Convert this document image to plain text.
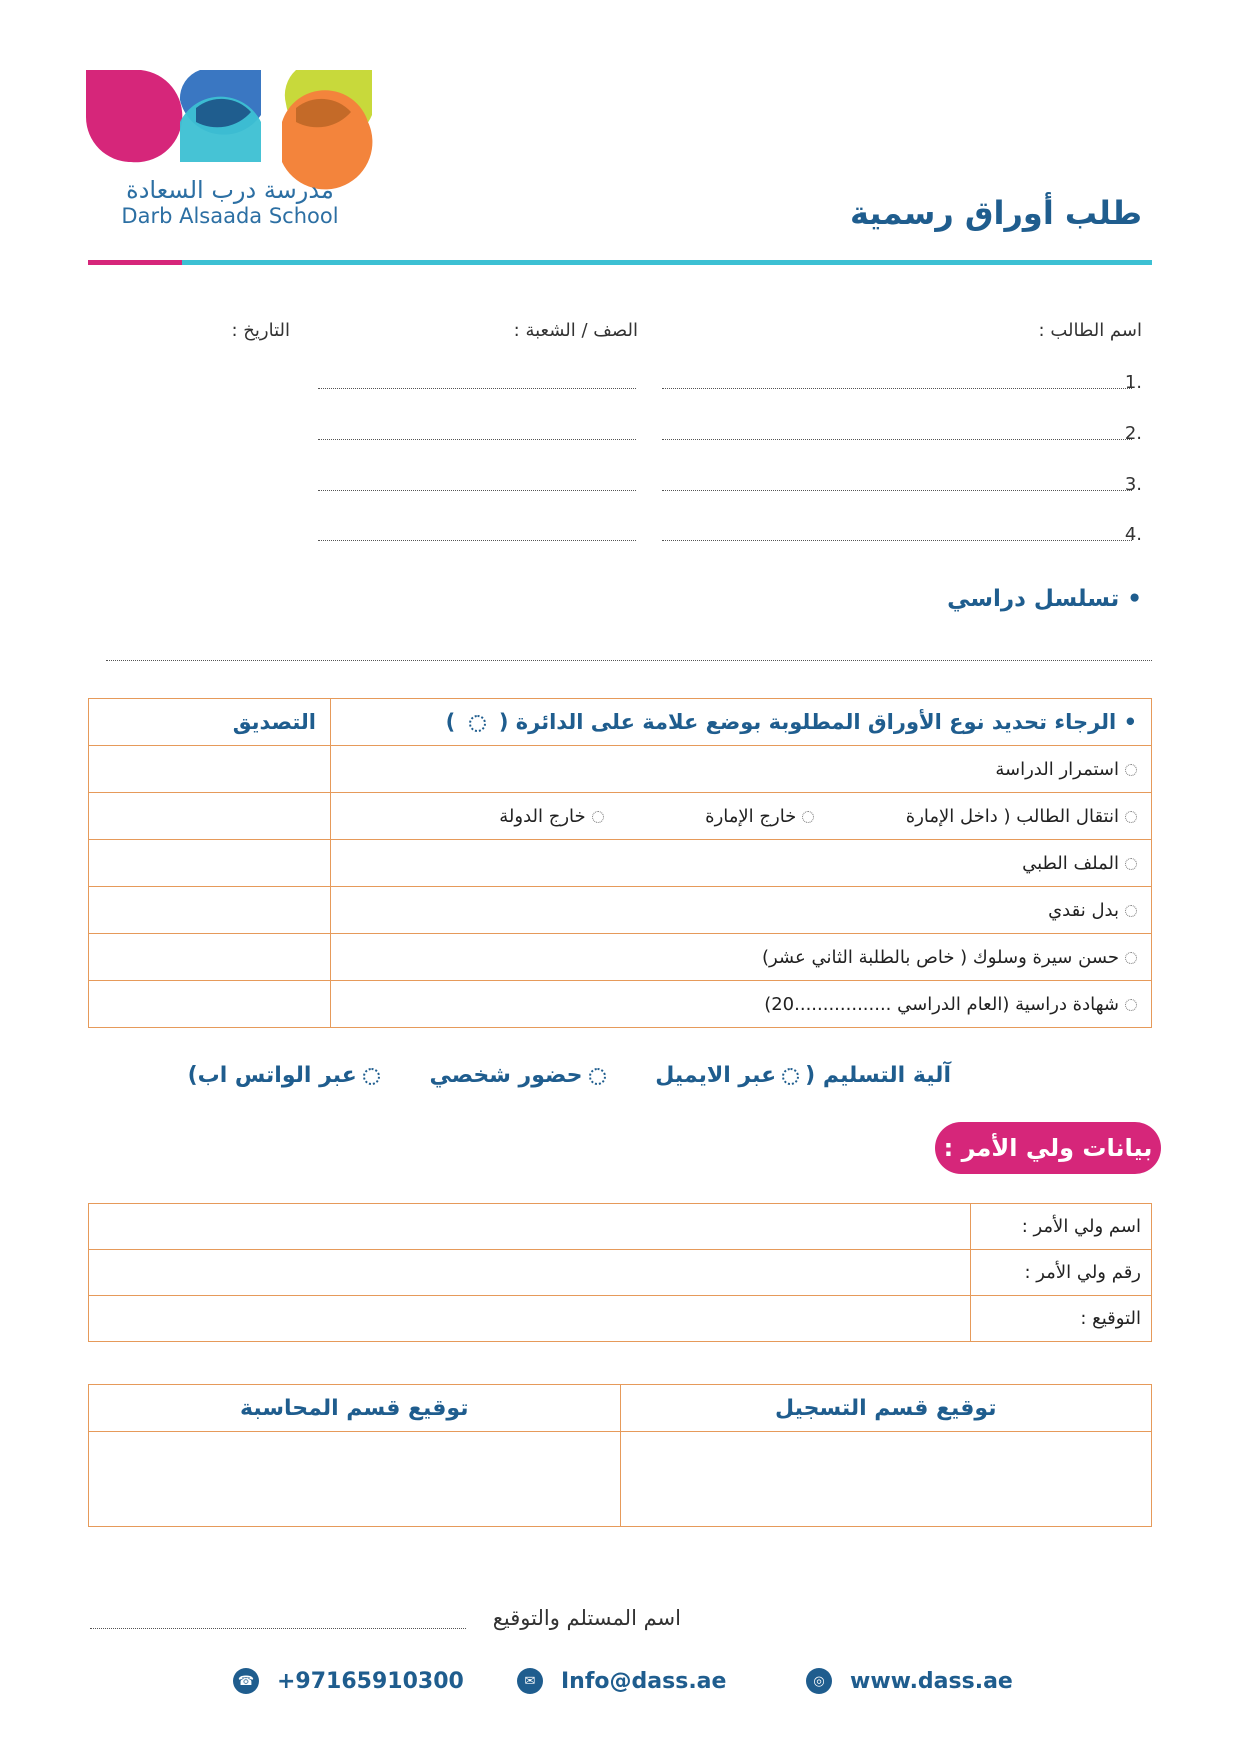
مدرسة درب السعادة
Darb Alsaada School	طلب أوراق رسمية
اسم الطالب :
الصف / الشعبة :
التاريخ :
1.
2.
3.
4.
• تسلسل دراسي
• الرجاء تحديد نوع الأوراق المطلوبة بوضع علامة على الدائرة (  )	التصديق
استمرار الدراسة	
انتقال الطالب ( داخل الإمارة  خارج الإمارة  خارج الدولة	
الملف الطبي	
بدل نقدي	
حسن سيرة وسلوك ( خاص بالطلبة الثاني عشر)	
شهادة دراسية (العام الدراسي .................20)	
آلية التسليم (عبر الايميل حضور شخصي عبر الواتس اب)
بيانات ولي الأمر :
اسم ولي الأمر :	
رقم ولي الأمر :	
التوقيع :	
توقيع قسم التسجيل	توقيع قسم المحاسبة

اسم المستلم والتوقيع
◎	www.dass.ae
✉	Info@dass.ae
☎ +97165910300
